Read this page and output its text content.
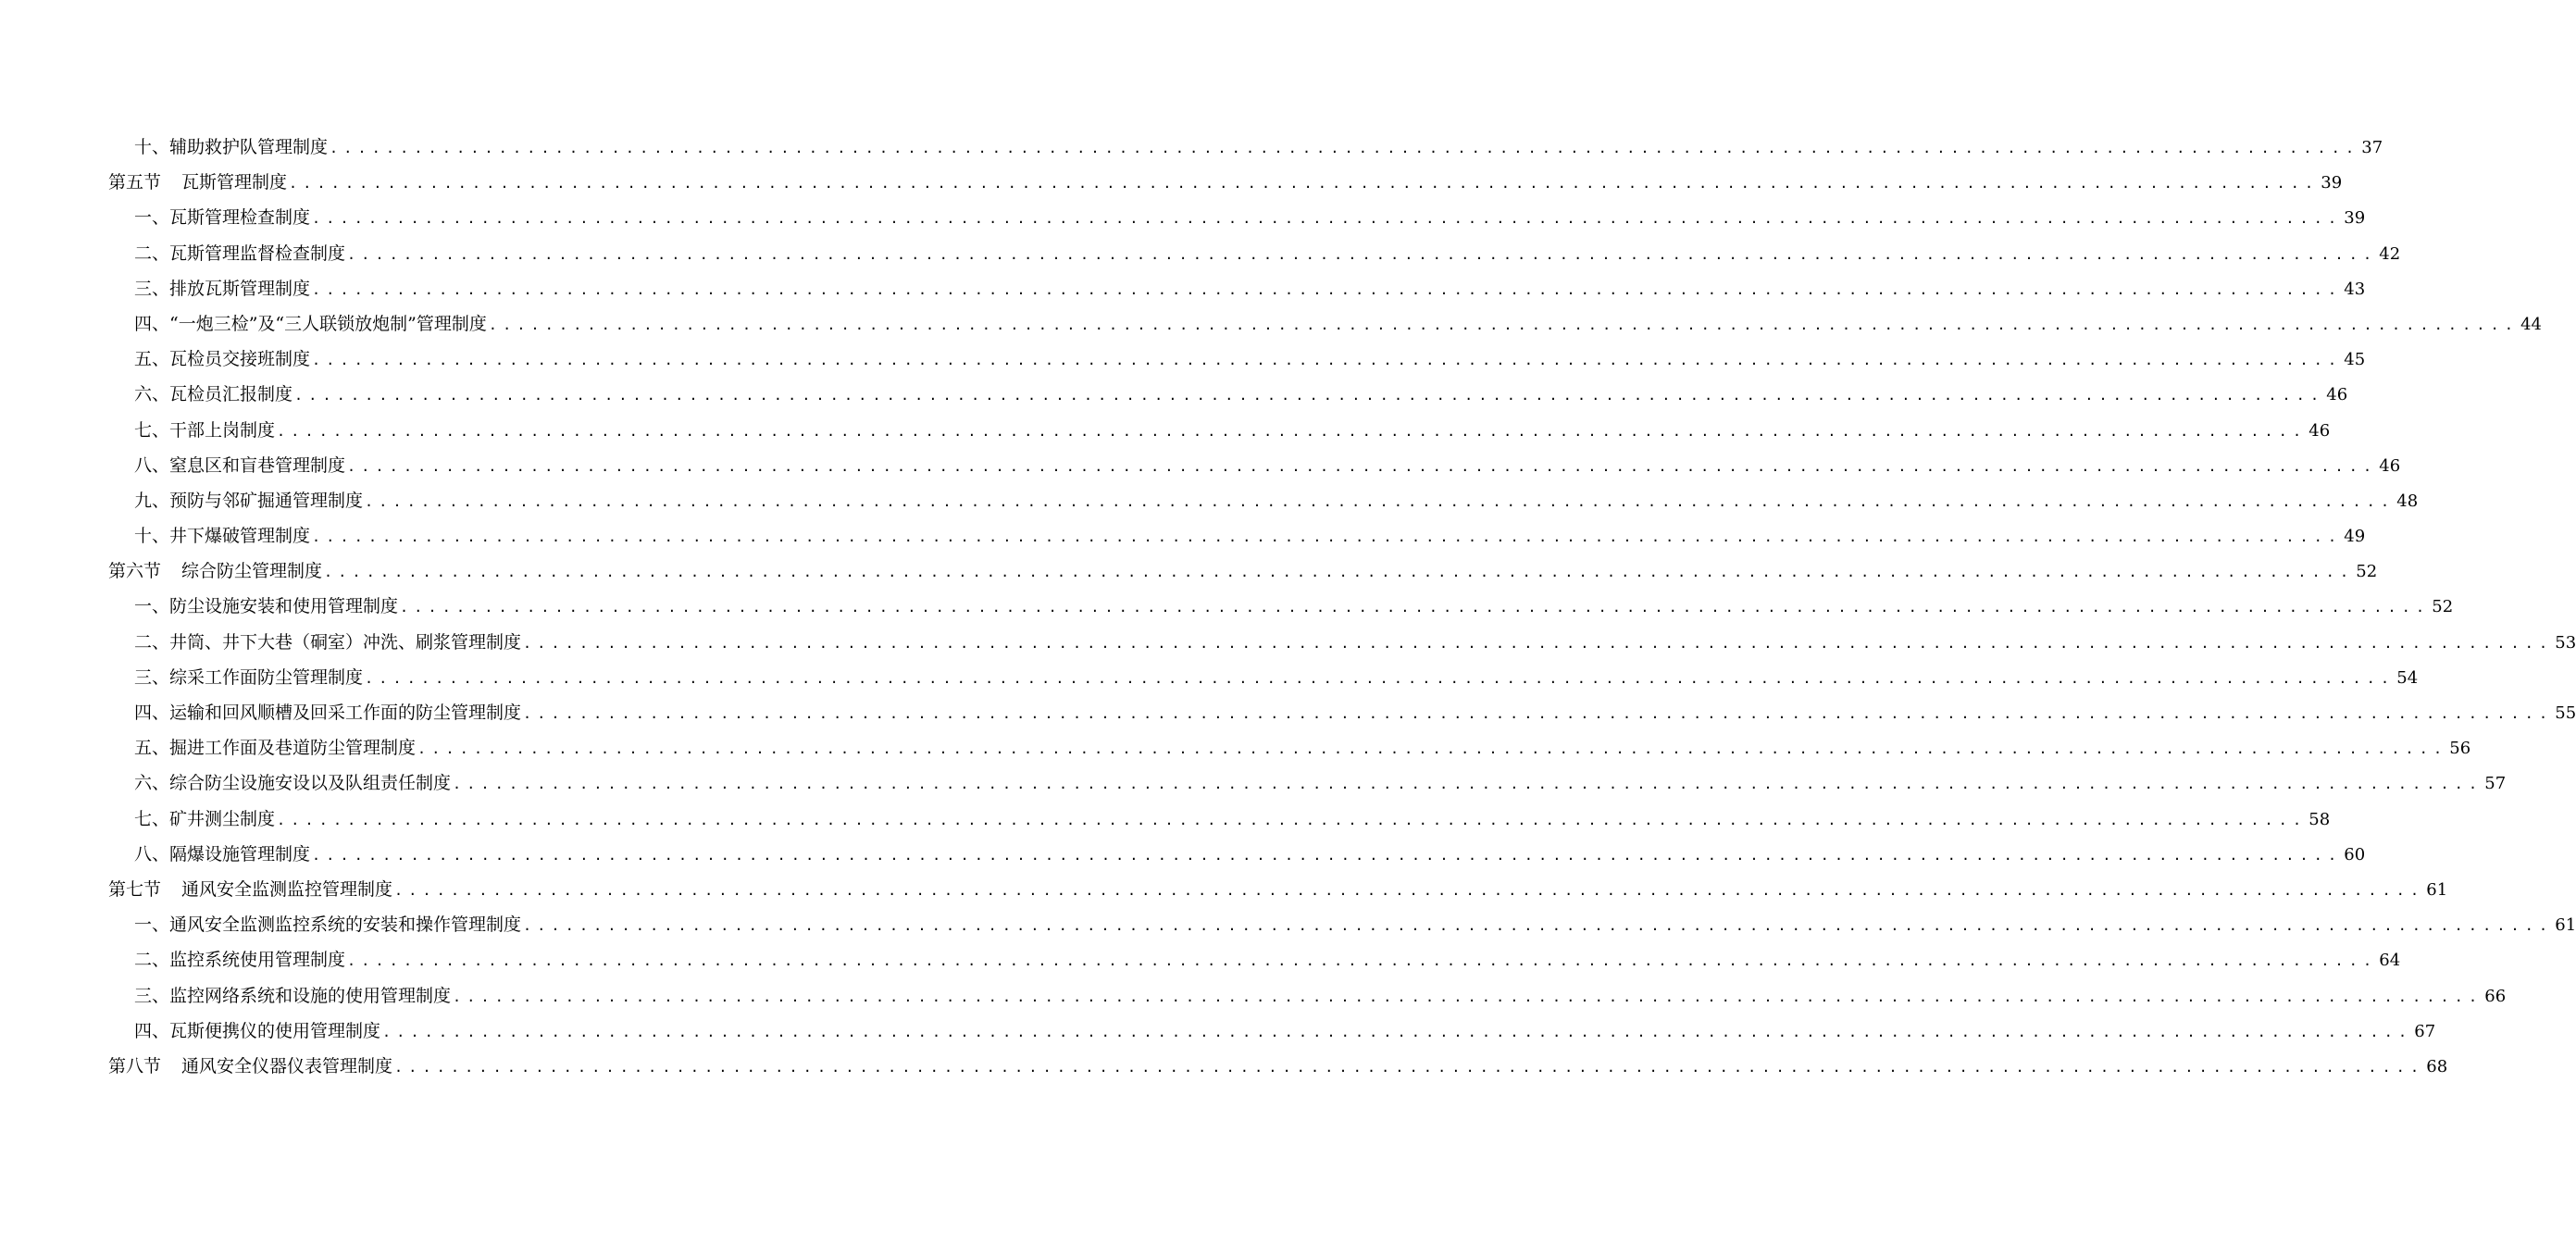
十、辅助救护队管理制度 ................................................................................................................................................ 37
第五节 瓦斯管理制度 ................................................................................................................................................ 39
一、瓦斯管理检查制度 ................................................................................................................................................ 39
二、瓦斯管理监督检查制度 ................................................................................................................................................ 42
三、排放瓦斯管理制度 ................................................................................................................................................ 43
四、“一炮三检”及“三人联锁放炮制”管理制度 ................................................................................................................................................ 44
五、瓦检员交接班制度 ................................................................................................................................................ 45
六、瓦检员汇报制度 ................................................................................................................................................ 46
七、干部上岗制度 ................................................................................................................................................ 46
八、窒息区和盲巷管理制度 ................................................................................................................................................ 46
九、预防与邻矿掘通管理制度 ................................................................................................................................................ 48
十、井下爆破管理制度 ................................................................................................................................................ 49
第六节 综合防尘管理制度 ................................................................................................................................................ 52
一、防尘设施安装和使用管理制度 ................................................................................................................................................ 52
二、井筒、井下大巷（硐室）冲洗、刷浆管理制度 ................................................................................................................................................ 53
三、综采工作面防尘管理制度 ................................................................................................................................................ 54
四、运输和回风顺槽及回采工作面的防尘管理制度 ................................................................................................................................................ 55
五、掘进工作面及巷道防尘管理制度 ................................................................................................................................................ 56
六、综合防尘设施安设以及队组责任制度 ................................................................................................................................................ 57
七、矿井测尘制度 ................................................................................................................................................ 58
八、隔爆设施管理制度 ................................................................................................................................................ 60
第七节 通风安全监测监控管理制度 ................................................................................................................................................ 61
一、通风安全监测监控系统的安装和操作管理制度 ................................................................................................................................................ 61
二、监控系统使用管理制度 ................................................................................................................................................ 64
三、监控网络系统和设施的使用管理制度 ................................................................................................................................................ 66
四、瓦斯便携仪的使用管理制度 ................................................................................................................................................ 67
第八节 通风安全仪器仪表管理制度 ................................................................................................................................................ 68
